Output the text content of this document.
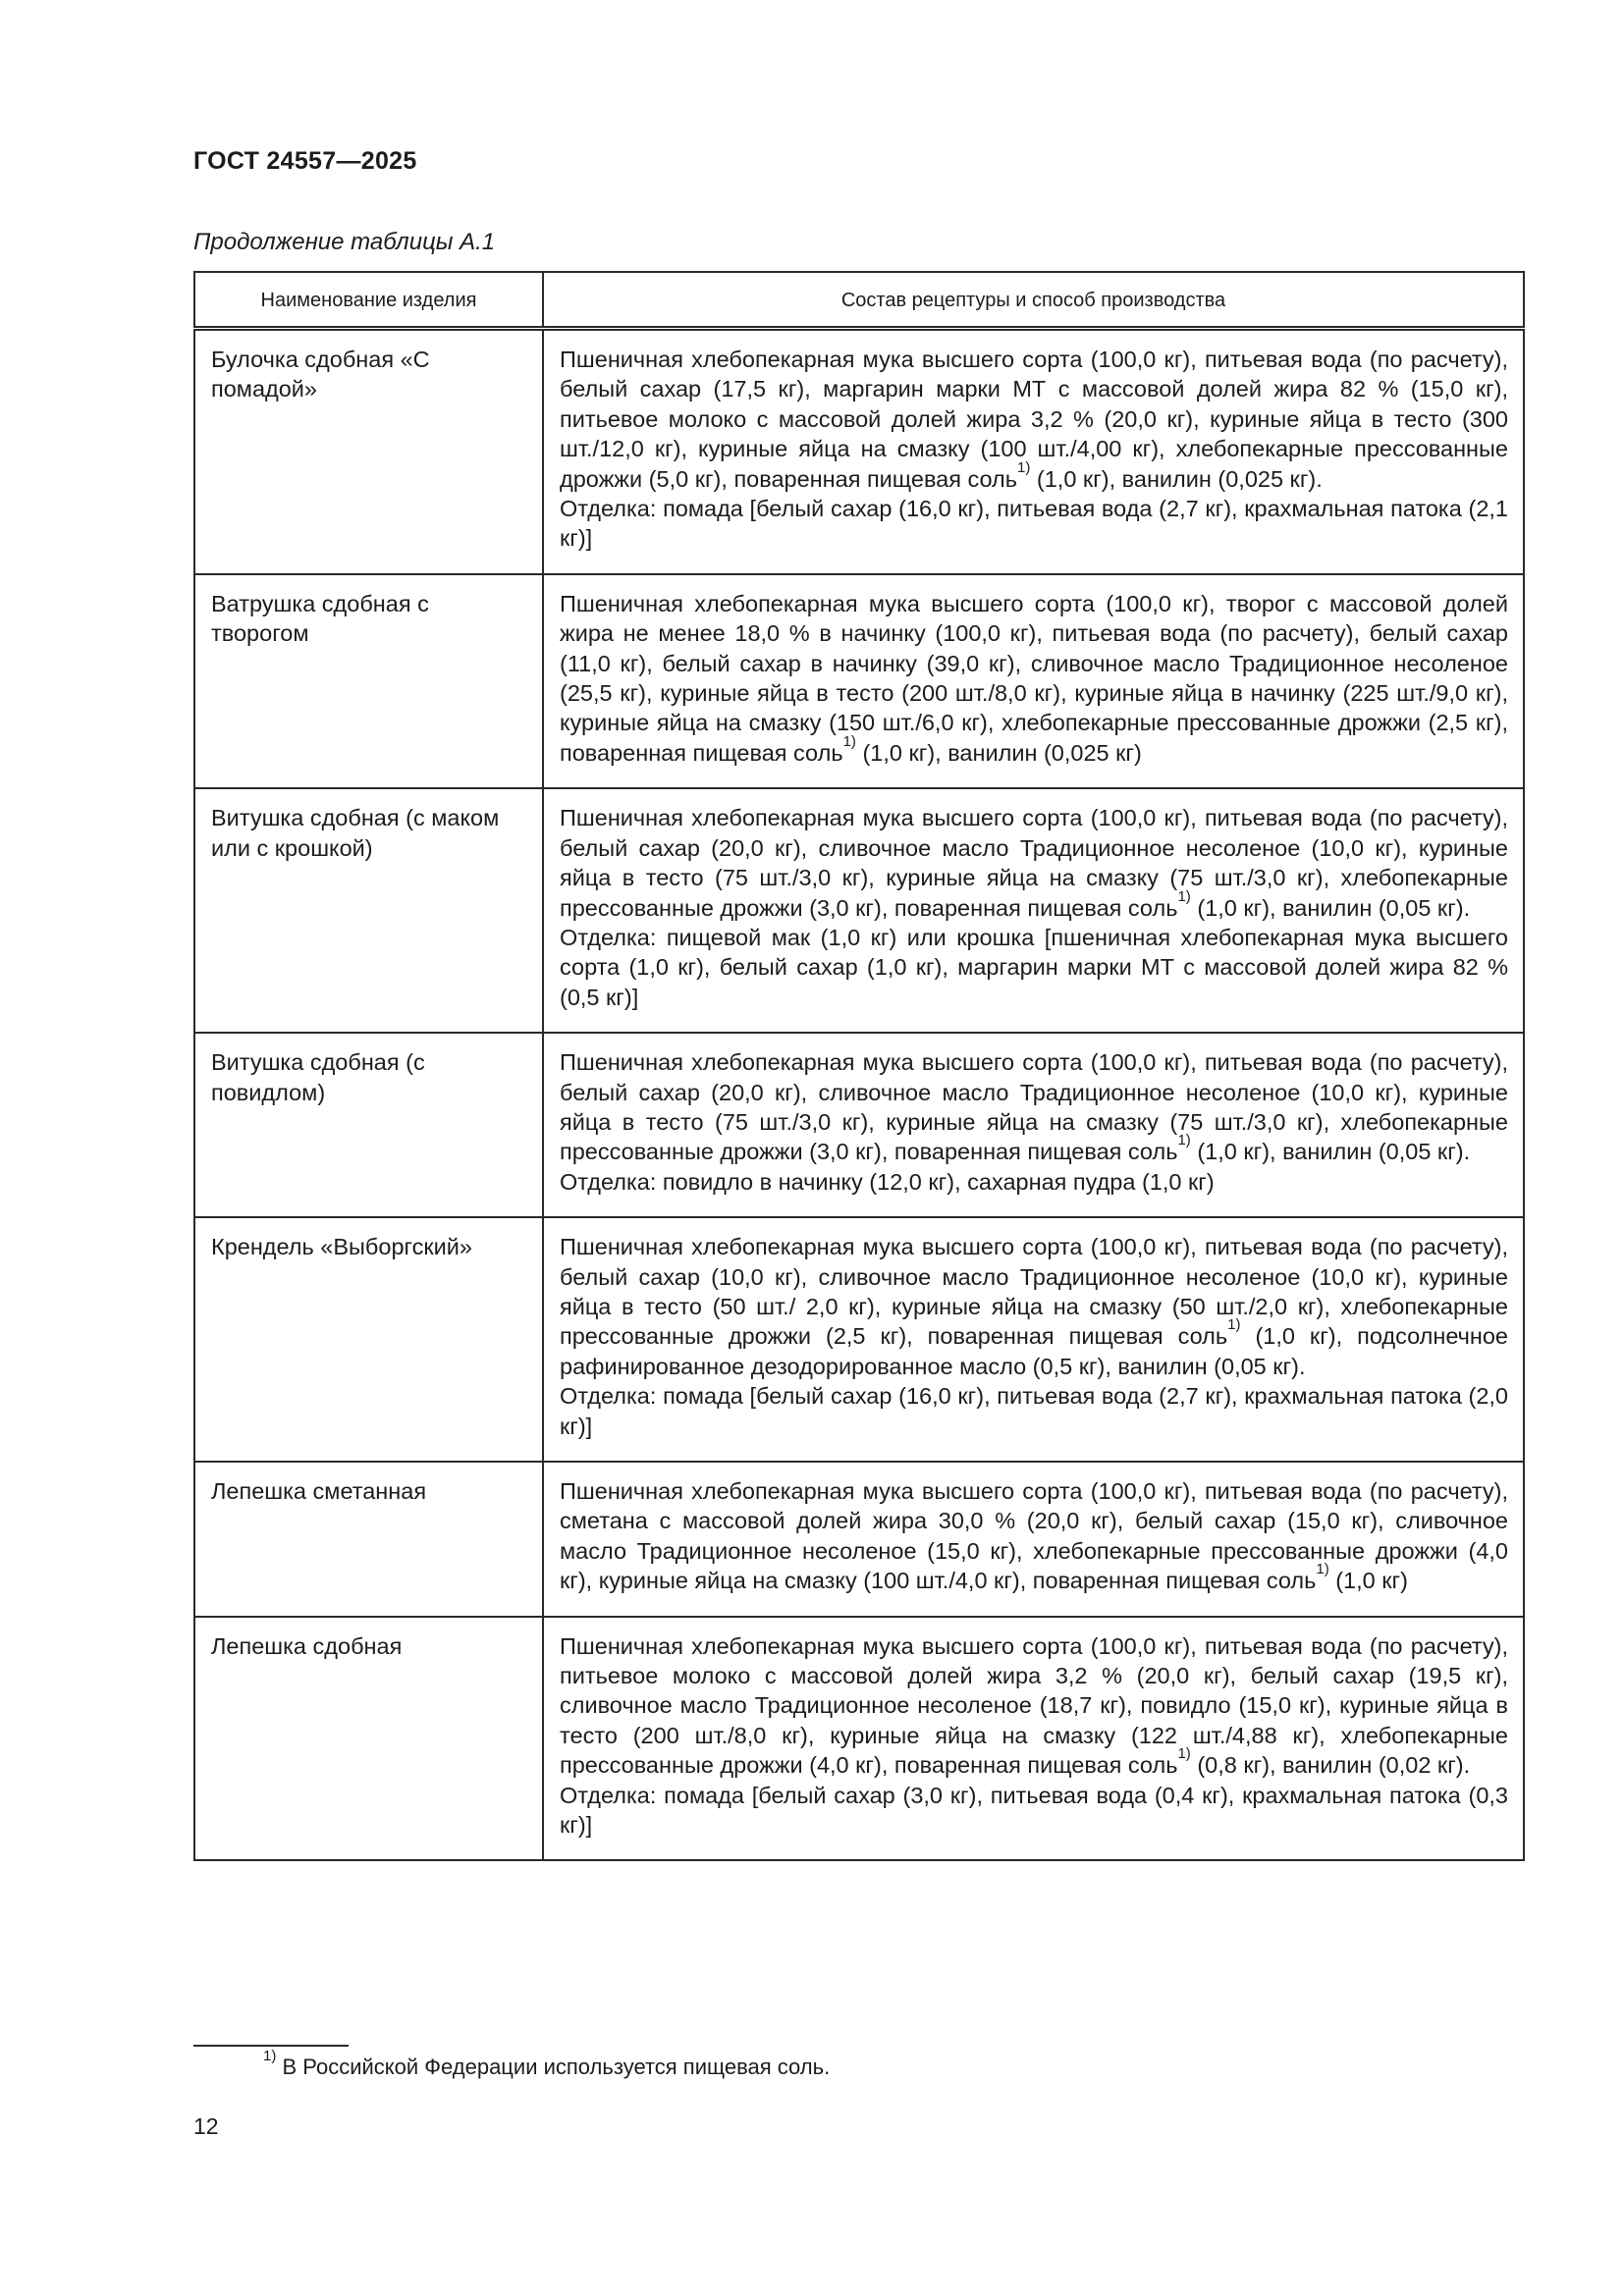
ГОСТ 24557—2025
Продолжение таблицы А.1
Наименование изделия	Состав рецептуры и способ производства
Булочка сдобная «С помадой»	Пшеничная хлебопекарная мука высшего сорта (100,0 кг), питьевая вода (по расчету), белый сахар (17,5 кг), маргарин марки МТ с массовой долей жира 82 % (15,0 кг), питьевое молоко с массовой долей жира 3,2 % (20,0 кг), куриные яйца в тесто (300 шт./12,0 кг), куриные яйца на смазку (100 шт./4,00 кг), хлебопекарные прессованные дрожжи (5,0 кг), поваренная пищевая соль$^{1)}$ (1,0 кг), ванилин (0,025 кг).

Отделка: помада [белый сахар (16,0 кг), питьевая вода (2,7 кг), крахмальная патока (2,1 кг)]

Ватрушка сдобная с творогом	Пшеничная хлебопекарная мука высшего сорта (100,0 кг), творог с массовой долей жира не менее 18,0 % в начинку (100,0 кг), питьевая вода (по расчету), белый сахар (11,0 кг), белый сахар в начинку (39,0 кг), сливочное масло Традиционное несоленое (25,5 кг), куриные яйца в тесто (200 шт./8,0 кг), куриные яйца в начинку (225 шт./9,0 кг), куриные яйца на смазку (150 шт./6,0 кг), хлебопекарные прессованные дрожжи (2,5 кг), поваренная пищевая соль$^{1)}$ (1,0 кг), ванилин (0,025 кг)

Витушка сдобная (с маком или с крошкой)	Пшеничная хлебопекарная мука высшего сорта (100,0 кг), питьевая вода (по расчету), белый сахар (20,0 кг), сливочное масло Традиционное несоленое (10,0 кг), куриные яйца в тесто (75 шт./3,0 кг), куриные яйца на смазку (75 шт./3,0 кг), хлебопекарные прессованные дрожжи (3,0 кг), поваренная пищевая соль$^{1)}$ (1,0 кг), ванилин (0,05 кг).

Отделка: пищевой мак (1,0 кг) или крошка [пшеничная хлебопекарная мука высшего сорта (1,0 кг), белый сахар (1,0 кг), маргарин марки МТ с массовой долей жира 82 % (0,5 кг)]

Витушка сдобная (с повидлом)	Пшеничная хлебопекарная мука высшего сорта (100,0 кг), питьевая вода (по расчету), белый сахар (20,0 кг), сливочное масло Традиционное несоленое (10,0 кг), куриные яйца в тесто (75 шт./3,0 кг), куриные яйца на смазку (75 шт./3,0 кг), хлебопекарные прессованные дрожжи (3,0 кг), поваренная пищевая соль$^{1)}$ (1,0 кг), ванилин (0,05 кг).

Отделка: повидло в начинку (12,0 кг), сахарная пудра (1,0 кг)

Крендель «Выборгский»	Пшеничная хлебопекарная мука высшего сорта (100,0 кг), питьевая вода (по расчету), белый сахар (10,0 кг), сливочное масло Традиционное несоленое (10,0 кг), куриные яйца в тесто (50 шт./ 2,0 кг), куриные яйца на смазку (50 шт./2,0 кг), хлебопекарные прессованные дрожжи (2,5 кг), поваренная пищевая соль$^{1)}$ (1,0 кг), подсолнечное рафинированное дезодорированное масло (0,5 кг), ванилин (0,05 кг).

Отделка: помада [белый сахар (16,0 кг), питьевая вода (2,7 кг), крахмальная патока (2,0 кг)]

Лепешка сметанная	Пшеничная хлебопекарная мука высшего сорта (100,0 кг), питьевая вода (по расчету), сметана с массовой долей жира 30,0 % (20,0 кг), белый сахар (15,0 кг), сливочное масло Традиционное несоленое (15,0 кг), хлебопекарные прессованные дрожжи (4,0 кг), куриные яйца на смазку (100 шт./4,0 кг), поваренная пищевая соль$^{1)}$ (1,0 кг)

Лепешка сдобная	Пшеничная хлебопекарная мука высшего сорта (100,0 кг), питьевая вода (по расчету), питьевое молоко с массовой долей жира 3,2 % (20,0 кг), белый сахар (19,5 кг), сливочное масло Традиционное несоленое (18,7 кг), повидло (15,0 кг), куриные яйца в тесто (200 шт./8,0 кг), куриные яйца на смазку (122 шт./4,88 кг), хлебопекарные прессованные дрожжи (4,0 кг), поваренная пищевая соль$^{1)}$ (0,8 кг), ванилин (0,02 кг).

Отделка: помада [белый сахар (3,0 кг), питьевая вода (0,4 кг), крахмальная патока (0,3 кг)]

$^{1)}$ В Российской Федерации используется пищевая соль.
12
